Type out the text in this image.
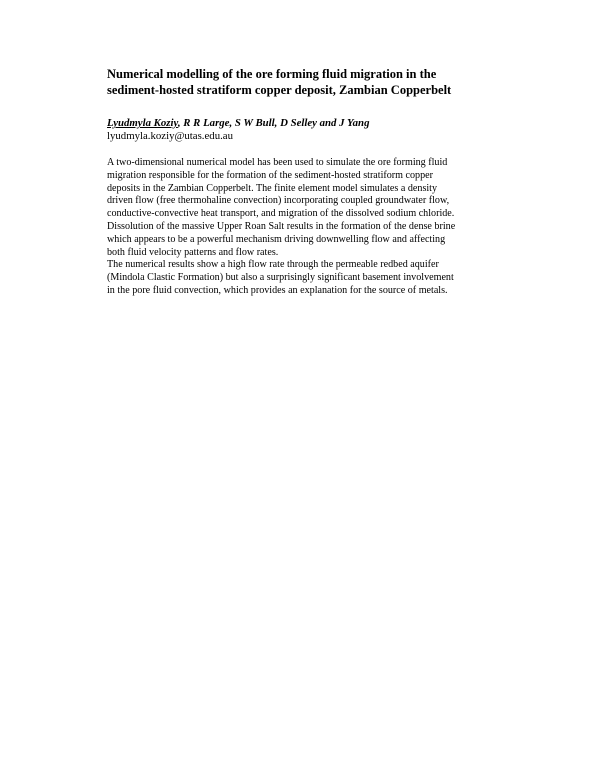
Numerical modelling of the ore forming fluid migration in the
sediment-hosted stratiform copper deposit, Zambian Copperbelt
Lyudmyla Koziy, R R Large, S W Bull, D Selley and J Yang
lyudmyla.koziy@utas.edu.au

A two-dimensional numerical model has been used to simulate the ore forming fluid
migration responsible for the formation of the sediment-hosted stratiform copper
deposits in the Zambian Copperbelt. The finite element model simulates a density
driven flow (free thermohaline convection) incorporating coupled groundwater flow,
conductive-convective heat transport, and migration of the dissolved sodium chloride.
Dissolution of the massive Upper Roan Salt results in the formation of the dense brine
which appears to be a powerful mechanism driving downwelling flow and affecting
both fluid velocity patterns and flow rates.

The numerical results show a high flow rate through the permeable redbed aquifer
(Mindola Clastic Formation) but also a surprisingly significant basement involvement
in the pore fluid convection, which provides an explanation for the source of metals.
